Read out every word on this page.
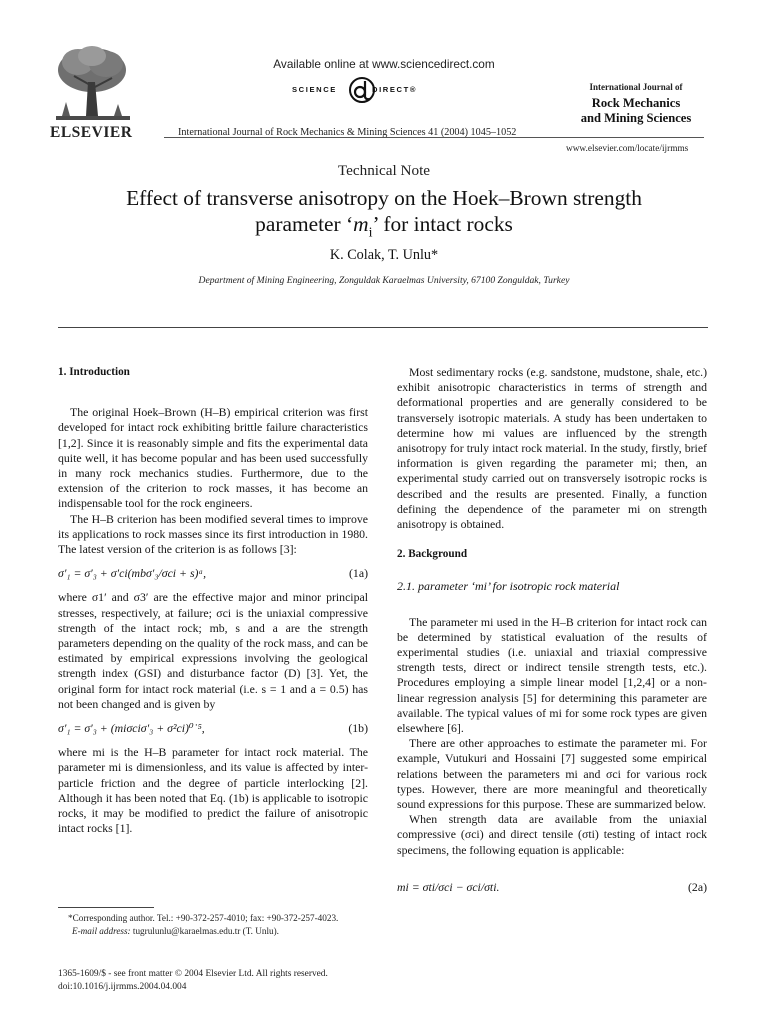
ELSEVIER
Available online at www.sciencedirect.com
SCIENCE	DIRECT®
International Journal of Rock Mechanics & Mining Sciences 41 (2004) 1045–1052
International Journal of
Rock Mechanics
and Mining Sciences
www.elsevier.com/locate/ijrmms
Technical Note
Effect of transverse anisotropy on the Hoek–Brown strength
parameter ‘$m_i$’ for intact rocks
K. Colak, T. Unlu*
Department of Mining Engineering, Zonguldak Karaelmas University, 67100 Zonguldak, Turkey
1. Introduction

The original Hoek–Brown (H–B) empirical criterion was first developed for intact rock exhibiting brittle failure characteristics [1,2]. Since it is reasonably simple and fits the experimental data quite well, it has become popular and has been used successfully in many rock mechanics studies. Furthermore, due to the extension of the criterion to rock masses, it has become an indispensable tool for the rock engineers.

The H–B criterion has been modified several times to improve its applications to rock masses since its first introduction in 1980. The latest version of the criterion is as follows [3]:

σ′₁ = σ′₃ + σ′ci(mbσ′₃/σci + s)ᵃ,	(1a)

where σ1′ and σ3′ are the effective major and minor principal stresses, respectively, at failure; σci is the uniaxial compressive strength of the intact rock; mb, s and a are the strength parameters depending on the quality of the rock mass, and can be estimated by empirical expressions involving the geological strength index (GSI) and disturbance factor (D) [3]. Yet, the original form for intact rock material (i.e. s = 1 and a = 0.5) has not been changed and is given by

σ′₁ = σ′₃ + (miσciσ′₃ + σ²ci)⁰˙⁵,	(1b)

where mi is the H–B parameter for intact rock material. The parameter mi is dimensionless, and its value is affected by inter-particle friction and the degree of particle interlocking [2]. Although it has been noted that Eq. (1b) is applicable to isotropic rocks, it may be modified to predict the failure of anisotropic intact rocks [1].

*Corresponding author. Tel.: +90-372-257-4010; fax: +90-372-257-4023.
E-mail address: tugrulunlu@karaelmas.edu.tr (T. Unlu).
1365-1609/$ - see front matter © 2004 Elsevier Ltd. All rights reserved.
doi:10.1016/j.ijrmms.2004.04.004

Most sedimentary rocks (e.g. sandstone, mudstone, shale, etc.) exhibit anisotropic characteristics in terms of strength and deformational properties and are generally considered to be transversely isotropic materials. A study has been undertaken to determine how mi values are influenced by the strength anisotropy for truly intact rock material. In the study, firstly, brief information is given regarding the parameter mi; then, an experimental study carried out on transversely isotropic rocks is described and the results are presented. Finally, a function defining the dependence of the parameter mi on strength anisotropy is obtained.

2. Background
2.1. parameter ‘mi’ for isotropic rock material

The parameter mi used in the H–B criterion for intact rock can be determined by statistical evaluation of the results of experimental studies (i.e. uniaxial and triaxial compressive strength tests, direct or indirect tensile strength tests, etc.). Procedures employing a simple linear model [1,2,4] or a non-linear regression analysis [5] for determining this parameter are available. The typical values of mi for some rock types are given elsewhere [6].

There are other approaches to estimate the parameter mi. For example, Vutukuri and Hossaini [7] suggested some empirical relations between the parameters mi and σci for various rock types. However, there are more meaningful and theoretically sound expressions for this purpose. These are summarized below.

When strength data are available from the uniaxial compressive (σci) and direct tensile (σti) testing of intact rock specimens, the following equation is applicable:

mi = σti/σci − σci/σti.	(2a)
